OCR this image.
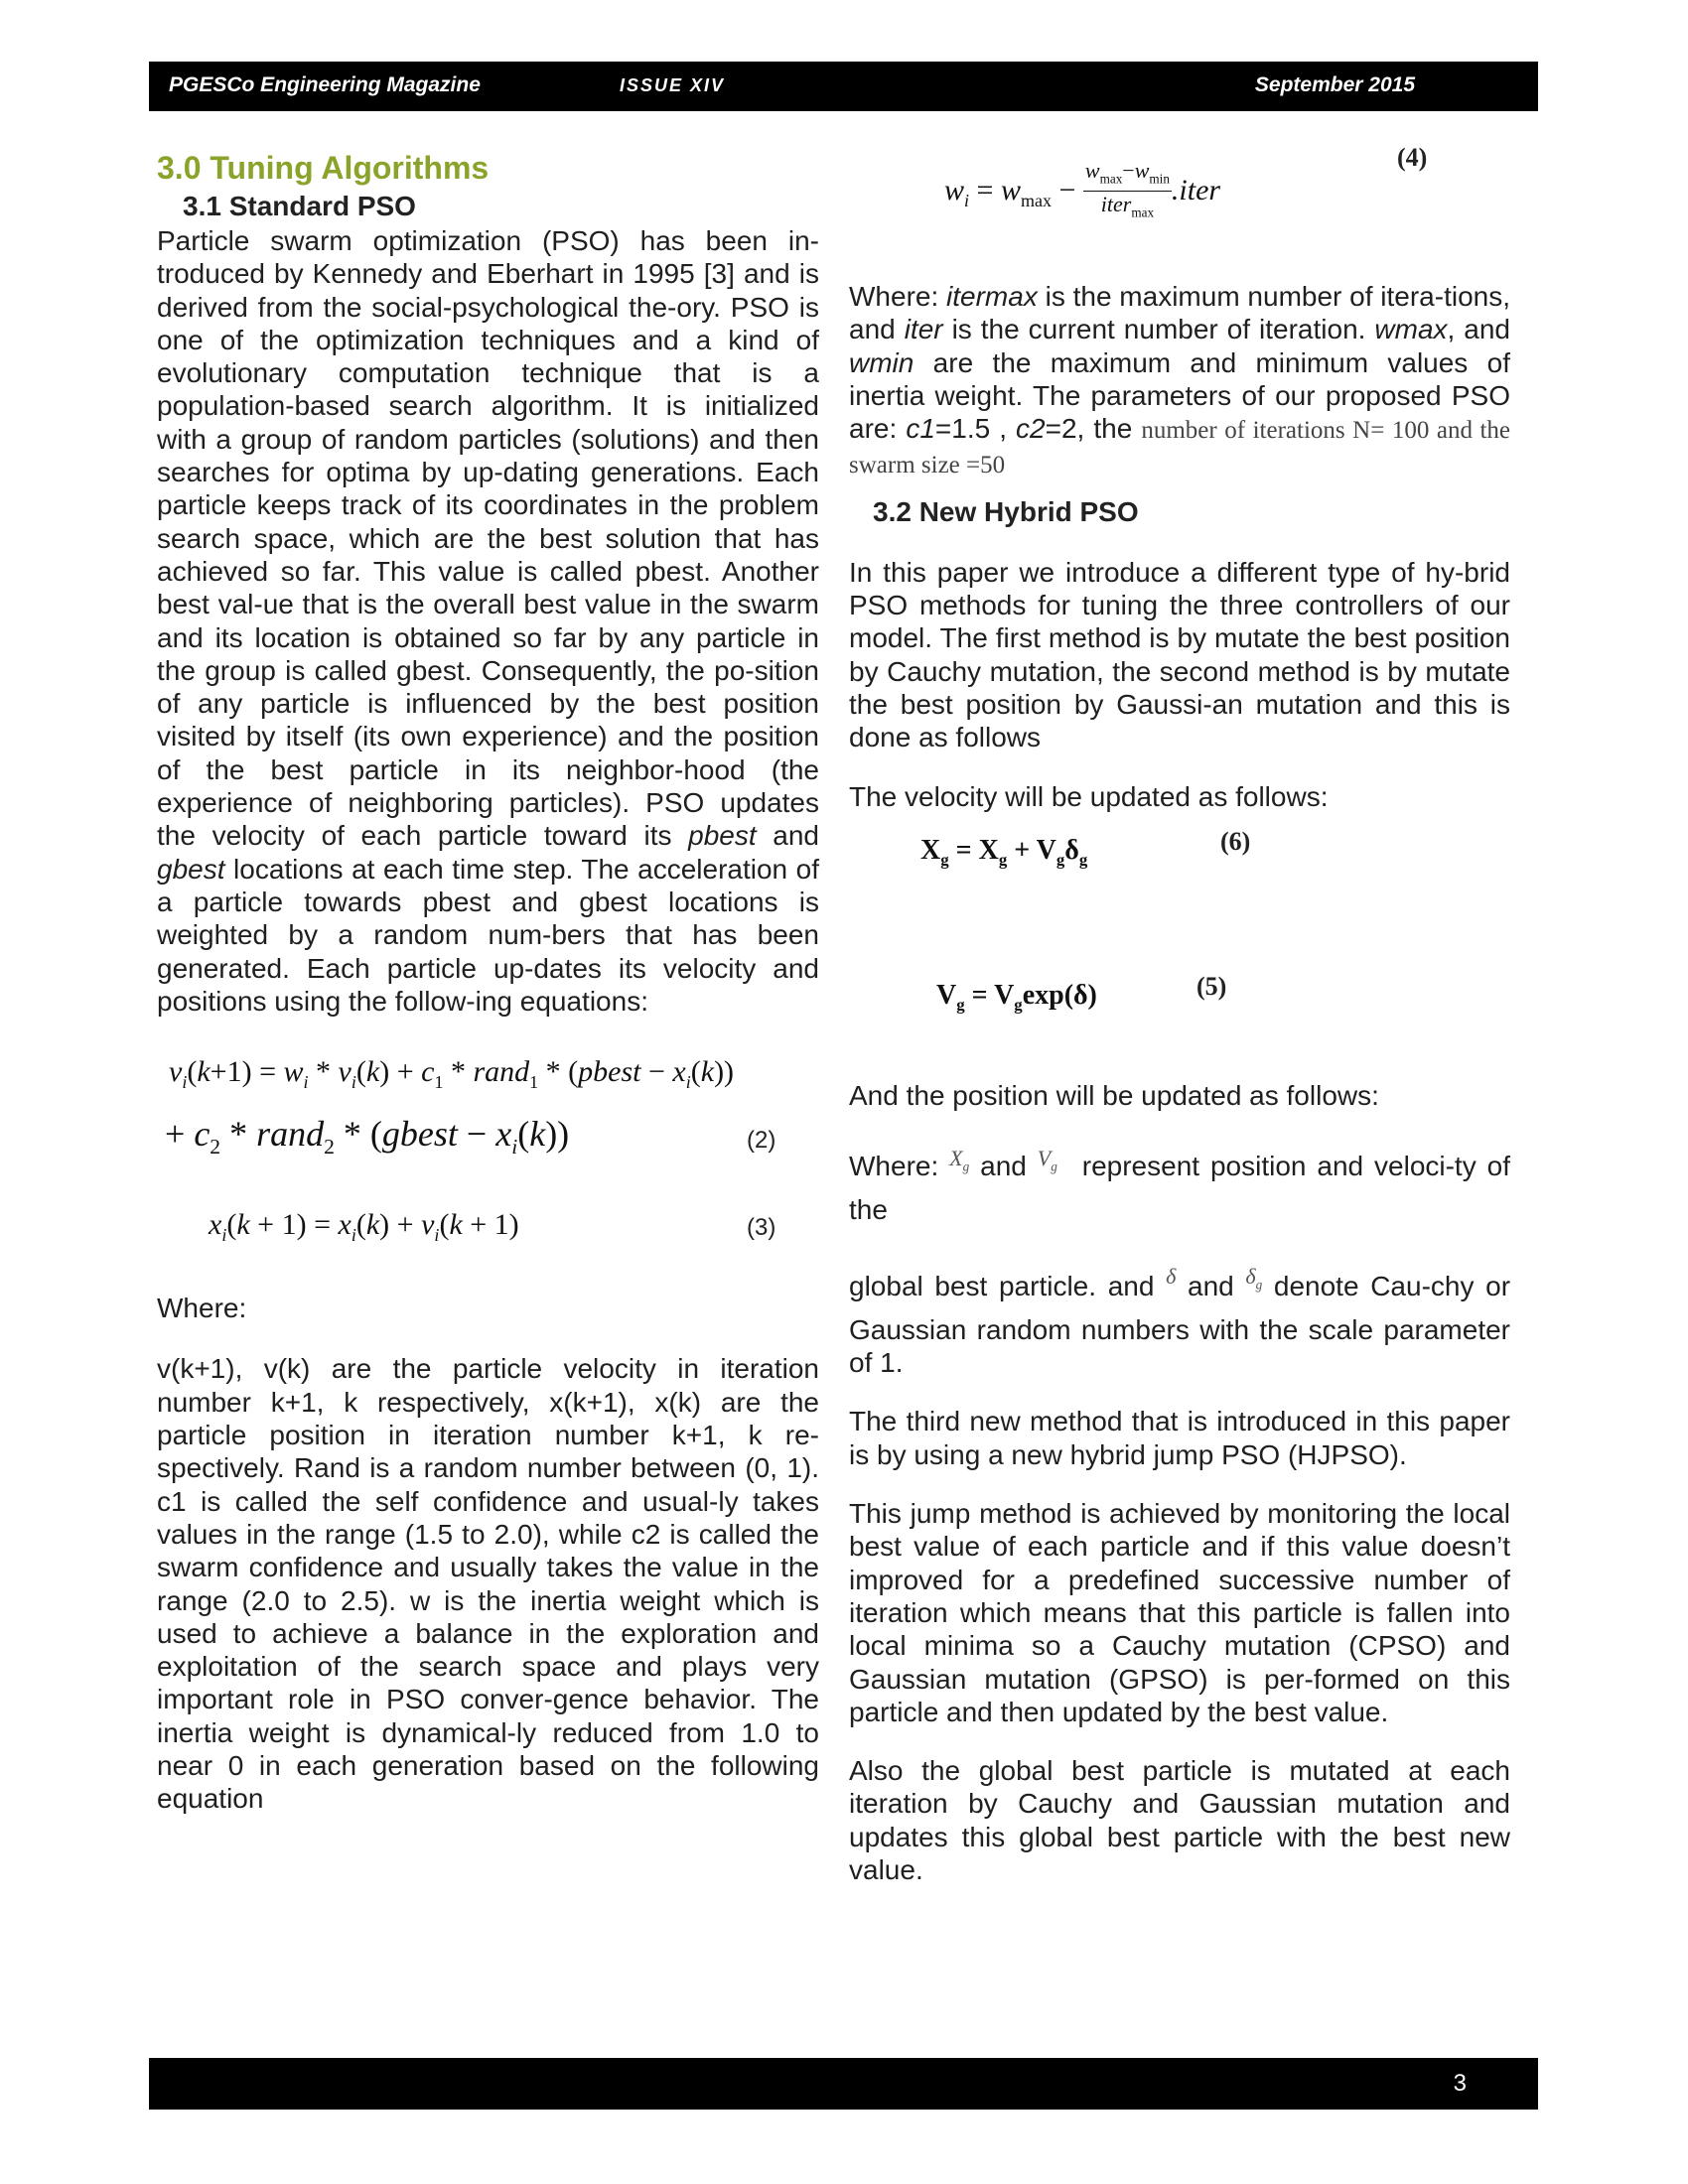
PGESCo Engineering Magazine	ISSUE XIV	September 2015
3.0 Tuning Algorithms
3.1 Standard PSO

Particle swarm optimization (PSO) has been in-troduced by Kennedy and Eberhart in 1995 [3] and is derived from the social-psychological the-ory. PSO is one of the optimization techniques and a kind of evolutionary computation technique that is a population-based search algorithm. It is initialized with a group of random particles (solutions) and then searches for optima by up-dating generations. Each particle keeps track of its coordinates in the problem search space, which are the best solution that has achieved so far. This value is called pbest. Another best val-ue that is the overall best value in the swarm and its location is obtained so far by any particle in the group is called gbest. Consequently, the po-sition of any particle is influenced by the best position visited by itself (its own experience) and the position of the best particle in its neighbor-hood (the experience of neighboring particles). PSO updates the velocity of each particle toward its pbest and gbest locations at each time step. The acceleration of a particle towards pbest and gbest locations is weighted by a random num-bers that has been generated. Each particle up-dates its velocity and positions using the follow-ing equations:

$v_i(k+1) = w_i * v_i(k) + c_1$ * rand$_1$ * (pbest − $x_i(k)$)
+ $c_2$ * rand$_2$ * (gbest − $x_i(k)$)	(2)
$x_i(k + 1) = x_i(k) + v_i(k + 1)$	(3)

Where:

v(k+1), v(k) are the particle velocity in iteration number k+1, k respectively, x(k+1), x(k) are the particle position in iteration number k+1, k re-spectively. Rand is a random number between (0, 1). c1 is called the self confidence and usual-ly takes values in the range (1.5 to 2.0), while c2 is called the swarm confidence and usually takes the value in the range (2.0 to 2.5). w is the inertia weight which is used to achieve a balance in the exploration and exploitation of the search space and plays very important role in PSO conver-gence behavior. The inertia weight is dynamical-ly reduced from 1.0 to near 0 in each generation based on the following equation

$w_i = w_{max} - \frac{w_{max}-w_{min}}{iter_{max}}$ .iter
(4)

Where: itermax is the maximum number of itera-tions, and iter is the current number of iteration. wmax, and wmin are the maximum and minimum values of inertia weight. The parameters of our proposed PSO are: c1=1.5 , c2=2, the number of iterations N= 100 and the swarm size =50

3.2 New Hybrid PSO

In this paper we introduce a different type of hy-brid PSO methods for tuning the three controllers of our model. The first method is by mutate the best position by Cauchy mutation, the second method is by mutate the best position by Gaussi-an mutation and this is done as follows

The velocity will be updated as follows:

$X_g = X_g + V_g\delta_g$
(6)
$V_g = V_g\exp(\delta)$	(5)

And the position will be updated as follows:

Where: $^{X_g}$ and $^{V_g}$ represent position and veloci-ty of the

global best particle. and $^\delta$ and $^{\delta_g}$ denote Cau-chy or Gaussian random numbers with the scale parameter of 1.

The third new method that is introduced in this paper is by using a new hybrid jump PSO (HJPSO).

This jump method is achieved by monitoring the local best value of each particle and if this value doesn’t improved for a predefined successive number of iteration which means that this particle is fallen into local minima so a Cauchy mutation (CPSO) and Gaussian mutation (GPSO) is per-formed on this particle and then updated by the best value.

Also the global best particle is mutated at each iteration by Cauchy and Gaussian mutation and updates this global best particle with the best new value.

3
